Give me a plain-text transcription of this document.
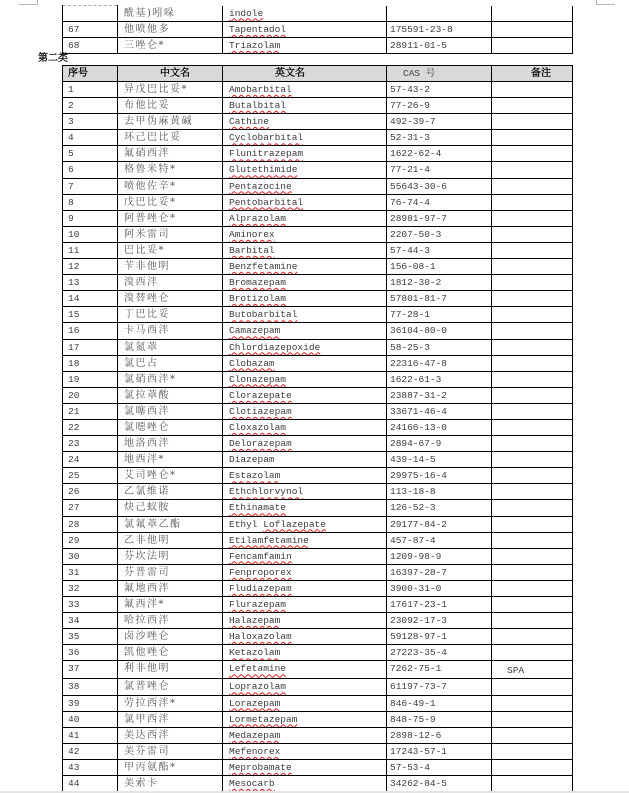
	酰基)吲哚	indole		
67	他喷他多	Tapentadol	175591-23-8	
68	三唑仑*	Triazolam	28911-01-5	
第二类
序号	中文名	英文名	CAS 号	备注
1	异戊巴比妥*	Amobarbital	57-43-2	
2	布他比妥	Butalbital	77-26-9	
3	去甲伪麻黄碱	Cathine	492-39-7	
4	环己巴比妥	Cyclobarbital	52-31-3	
5	氟硝西泮	Flunitrazepam	1622-62-4	
6	格鲁米特*	Glutethimide	77-21-4	
7	喷他佐辛*	Pentazocine	55643-30-6	
8	戊巴比妥*	Pentobarbital	76-74-4	
9	阿普唑仑*	Alprazolam	28981-97-7	
10	阿米雷司	Aminorex	2207-50-3	
11	巴比妥*	Barbital	57-44-3	
12	苄非他明	Benzfetamine	156-08-1	
13	溴西泮	Bromazepam	1812-30-2	
14	溴替唑仑	Brotizolam	57801-81-7	
15	丁巴比妥	Butobarbital	77-28-1	
16	卡马西泮	Camazepam	36104-80-0	
17	氯氮䓬	Chlordiazepoxide	58-25-3	
18	氯巴占	Clobazam	22316-47-8	
19	氯硝西泮*	Clonazepam	1622-61-3	
20	氯拉䓬酸	Clorazepate	23887-31-2	
21	氯噻西泮	Clotiazepam	33671-46-4	
22	氯噁唑仑	Cloxazolam	24166-13-0	
23	地洛西泮	Delorazepam	2894-67-9	
24	地西泮*	Diazepam	439-14-5	
25	艾司唑仑*	Estazolam	29975-16-4	
26	乙氯维诺	Ethchlorvynol	113-18-8	
27	炔己蚁胺	Ethinamate	126-52-3	
28	氯氟䓬乙酯	Ethyl Loflazepate	29177-84-2	
29	乙非他明	Etilamfetamine	457-87-4	
30	芬坎法明	Fencamfamin	1209-98-9	
31	芬普雷司	Fenproporex	16397-28-7	
32	氟地西泮	Fludiazepam	3900-31-0	
33	氟西泮*	Flurazepam	17617-23-1	
34	哈拉西泮	Halazepam	23092-17-3	
35	卤沙唑仑	Haloxazolam	59128-97-1	
36	凯他唑仑	Ketazolam	27223-35-4	
37	利非他明	Lefetamine	7262-75-1	SPA
38	氯普唑仑	Loprazolam	61197-73-7	
39	劳拉西泮*	Lorazepam	846-49-1	
40	氯甲西泮	Lormetazepam	848-75-9	
41	美达西泮	Medazepam	2898-12-6	
42	美芬雷司	Mefenorex	17243-57-1	
43	甲丙氨酯*	Meprobamate	57-53-4	
44	美索卡	Mesocarb	34262-84-5	
